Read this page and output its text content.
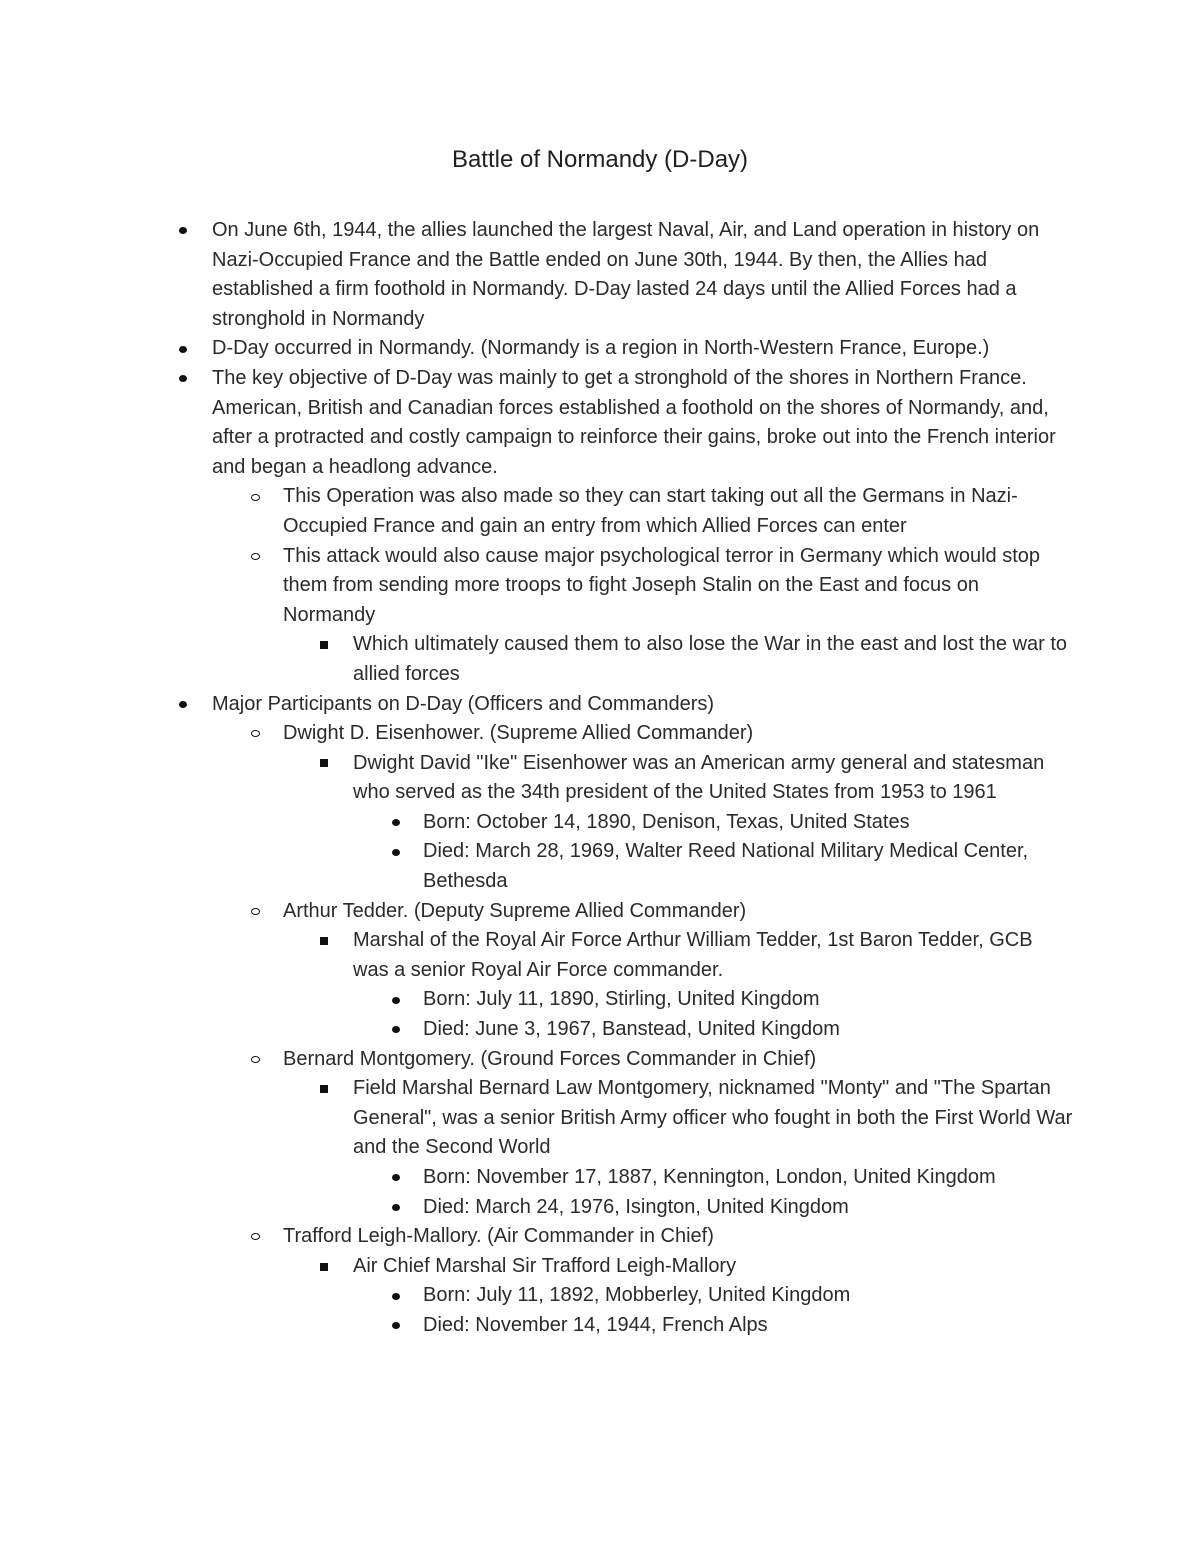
Battle of Normandy (D-Day)
On June 6th, 1944, the allies launched the largest Naval, Air, and Land operation in history on Nazi-Occupied France and the Battle ended on June 30th, 1944. By then, the Allies had established a firm foothold in Normandy. D-Day lasted 24 days until the Allied Forces had a stronghold in Normandy
D-Day occurred in Normandy. (Normandy is a region in North-Western France, Europe.)
The key objective of D-Day was mainly to get a stronghold of the shores in Northern France. American, British and Canadian forces established a foothold on the shores of Normandy, and, after a protracted and costly campaign to reinforce their gains, broke out into the French interior and began a headlong advance.
This Operation was also made so they can start taking out all the Germans in Nazi-Occupied France and gain an entry from which Allied Forces can enter
This attack would also cause major psychological terror in Germany which would stop them from sending more troops to fight Joseph Stalin on the East and focus on Normandy
Which ultimately caused them to also lose the War in the east and lost the war to allied forces
Major Participants on D-Day (Officers and Commanders)
Dwight D. Eisenhower. (Supreme Allied Commander)
Dwight David "Ike" Eisenhower was an American army general and statesman who served as the 34th president of the United States from 1953 to 1961
Born: October 14, 1890, Denison, Texas, United States
Died: March 28, 1969, Walter Reed National Military Medical Center, Bethesda
Arthur Tedder. (Deputy Supreme Allied Commander)
Marshal of the Royal Air Force Arthur William Tedder, 1st Baron Tedder, GCB was a senior Royal Air Force commander.
Born: July 11, 1890, Stirling, United Kingdom
Died: June 3, 1967, Banstead, United Kingdom
Bernard Montgomery. (Ground Forces Commander in Chief)
Field Marshal Bernard Law Montgomery, nicknamed "Monty" and "The Spartan General", was a senior British Army officer who fought in both the First World War and the Second World
Born: November 17, 1887, Kennington, London, United Kingdom
Died: March 24, 1976, Isington, United Kingdom
Trafford Leigh-Mallory. (Air Commander in Chief)
Air Chief Marshal Sir Trafford Leigh-Mallory
Born: July 11, 1892, Mobberley, United Kingdom
Died: November 14, 1944, French Alps
